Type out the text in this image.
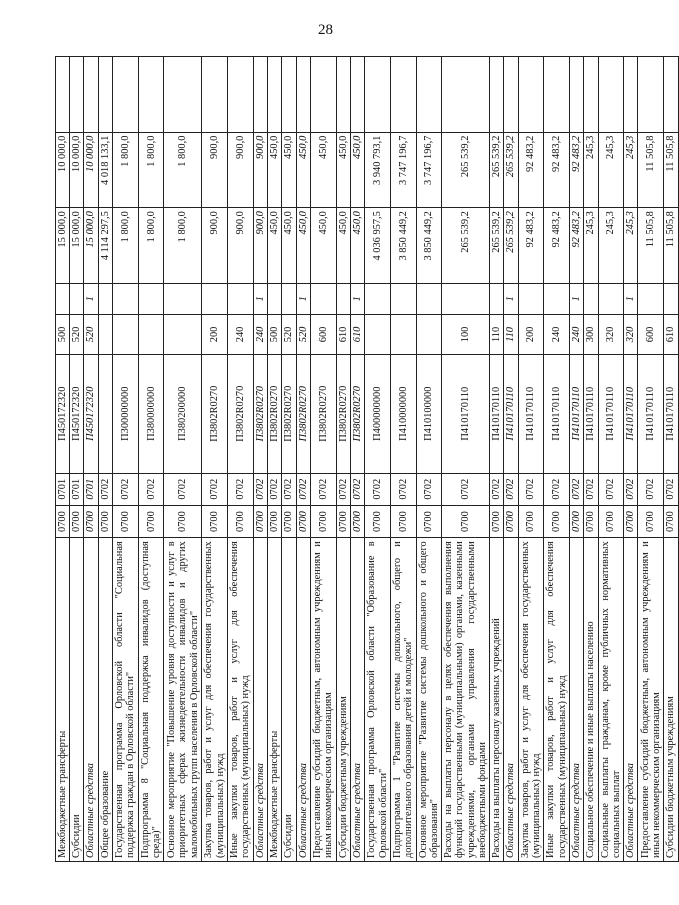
28
Межбюджетные трансферты	0700	0701	П450172320	500		15 000,0	10 000,0	
Субсидии	0700	0701	П450172320	520		15 000,0	10 000,0	
Областные средства	0700	0701	П450172320	520	1	15 000,0	10 000,0	
Общее образование	0700	0702				4 114 297,5	4 018 133,1	
Государственная программа Орловской области "Социальная поддержка граждан в Орловской области"	0700	0702	П300000000			1 800,0	1 800,0	
Подпрограмма 8 "Социальная поддержка инвалидов (доступная среда)"	0700	0702	П380000000			1 800,0	1 800,0	
Основное мероприятие "Повышение уровня доступности и услуг в приоритетных сферах жизнедеятельности инвалидов и других маломобильных групп населения в Орловской области"	0700	0702	П380200000			1 800,0	1 800,0	
Закупка товаров, работ и услуг для обеспечения государственных (муниципальных) нужд	0700	0702	П3802R0270	200		900,0	900,0	
Иные закупки товаров, работ и услуг для обеспечения государственных (муниципальных) нужд	0700	0702	П3802R0270	240		900,0	900,0	
Областные средства	0700	0702	П3802R0270	240	1	900,0	900,0	
Межбюджетные трансферты	0700	0702	П3802R0270	500		450,0	450,0	
Субсидии	0700	0702	П3802R0270	520		450,0	450,0	
Областные средства	0700	0702	П3802R0270	520	1	450,0	450,0	
Предоставление субсидий бюджетным, автономным учреждениям и иным некоммерческим организациям	0700	0702	П3802R0270	600		450,0	450,0	
Субсидии бюджетным учреждениям	0700	0702	П3802R0270	610		450,0	450,0	
Областные средства	0700	0702	П3802R0270	610	1	450,0	450,0	
Государственная программа Орловской области "Образование в Орловской области"	0700	0702	П400000000			4 036 957,5	3 940 793,1	
Подпрограмма 1 "Развитие системы дошкольного, общего и дополнительного образования детей и молодежи"	0700	0702	П410000000			3 850 449,2	3 747 196,7	
Основное мероприятие "Развитие системы дошкольного и общего образования"	0700	0702	П410100000			3 850 449,2	3 747 196,7	
Расходы на выплаты персоналу в целях обеспечения выполнения функций государственными (муниципальными) органами, казенными учреждениями, органами управления государственными внебюджетными фондами	0700	0702	П410170110	100		265 539,2	265 539,2	
Расходы на выплаты персоналу казенных учреждений	0700	0702	П410170110	110		265 539,2	265 539,2	
Областные средства	0700	0702	П410170110	110	1	265 539,2	265 539,2	
Закупка товаров, работ и услуг для обеспечения государственных (муниципальных) нужд	0700	0702	П410170110	200		92 483,2	92 483,2	
Иные закупки товаров, работ и услуг для обеспечения государственных (муниципальных) нужд	0700	0702	П410170110	240		92 483,2	92 483,2	
Областные средства	0700	0702	П410170110	240	1	92 483,2	92 483,2	
Социальное обеспечение и иные выплаты населению	0700	0702	П410170110	300		245,3	245,3	
Социальные выплаты гражданам, кроме публичных нормативных социальных выплат	0700	0702	П410170110	320		245,3	245,3	
Областные средства	0700	0702	П410170110	320	1	245,3	245,3	
Предоставление субсидий бюджетным, автономным учреждениям и иным некоммерческим организациям	0700	0702	П410170110	600		11 505,8	11 505,8	
Субсидии бюджетным учреждениям	0700	0702	П410170110	610		11 505,8	11 505,8	
